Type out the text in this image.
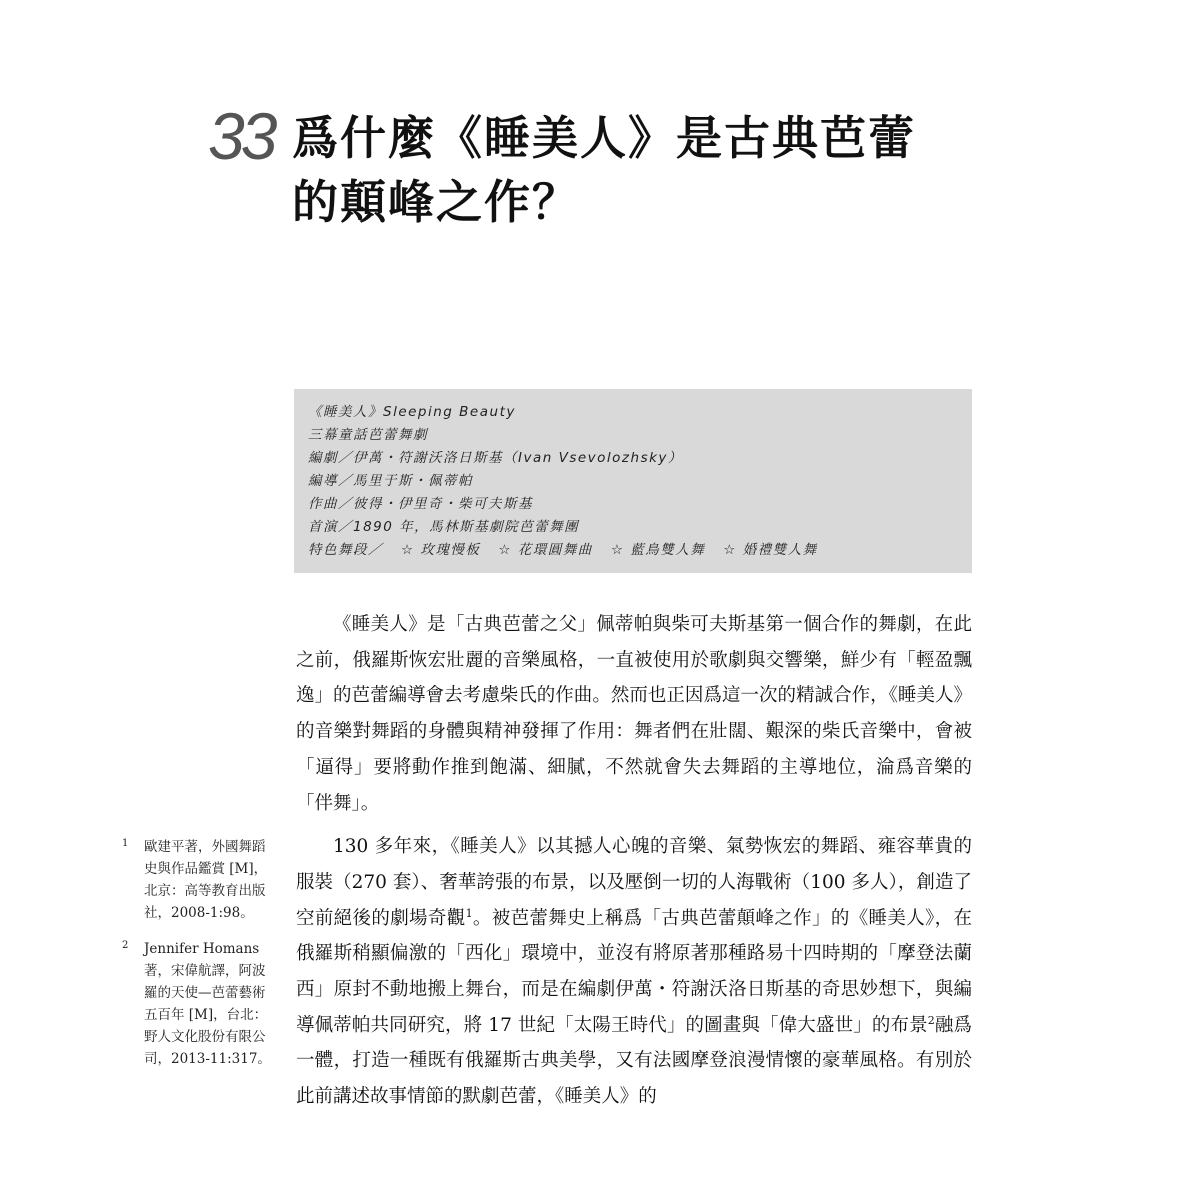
33 爲什麼《睡美人》是古典芭蕾
的顛峰之作？
《睡美人》Sleeping Beauty
三幕童話芭蕾舞劇
編劇／伊萬・符謝沃洛日斯基（Ivan Vsevolozhsky）
編導／馬里于斯・佩蒂帕
作曲／彼得・伊里奇・柴可夫斯基
首演／1890 年，馬林斯基劇院芭蕾舞團
特色舞段／ ☆ 玫瑰慢板 ☆ 花環圓舞曲 ☆ 藍鳥雙人舞 ☆ 婚禮雙人舞

《睡美人》是「古典芭蕾之父」佩蒂帕與柴可夫斯基第一個合作的舞劇，在此之前，俄羅斯恢宏壯麗的音樂風格，一直被使用於歌劇與交響樂，鮮少有「輕盈飄逸」的芭蕾編導會去考慮柴氏的作曲。然而也正因爲這一次的精誠合作，《睡美人》的音樂對舞蹈的身體與精神發揮了作用：舞者們在壯闊、艱深的柴氏音樂中，會被「逼得」要將動作推到飽滿、細膩，不然就會失去舞蹈的主導地位，淪爲音樂的「伴舞」。

130 多年來，《睡美人》以其撼人心魄的音樂、氣勢恢宏的舞蹈、雍容華貴的服裝（270 套）、奢華誇張的布景，以及壓倒一切的人海戰術（100 多人），創造了空前絕後的劇場奇觀$^1$。被芭蕾舞史上稱爲「古典芭蕾顛峰之作」的《睡美人》，在俄羅斯稍顯偏激的「西化」環境中，並沒有將原著那種路易十四時期的「摩登法蘭西」原封不動地搬上舞台，而是在編劇伊萬・符謝沃洛日斯基的奇思妙想下，與編導佩蒂帕共同研究，將 17 世紀「太陽王時代」的圖畫與「偉大盛世」的布景$^2$融爲一體，打造一種既有俄羅斯古典美學，又有法國摩登浪漫情懷的豪華風格。有別於此前講述故事情節的默劇芭蕾，《睡美人》的

1	歐建平著，外國舞蹈史與作品鑑賞 [M]，北京：高等教育出版社，2008-1:98。
2	Jennifer Homans 著，宋偉航譯，阿波羅的天使—芭蕾藝術五百年 [M]，台北：野人文化股份有限公司，2013-11:317。
